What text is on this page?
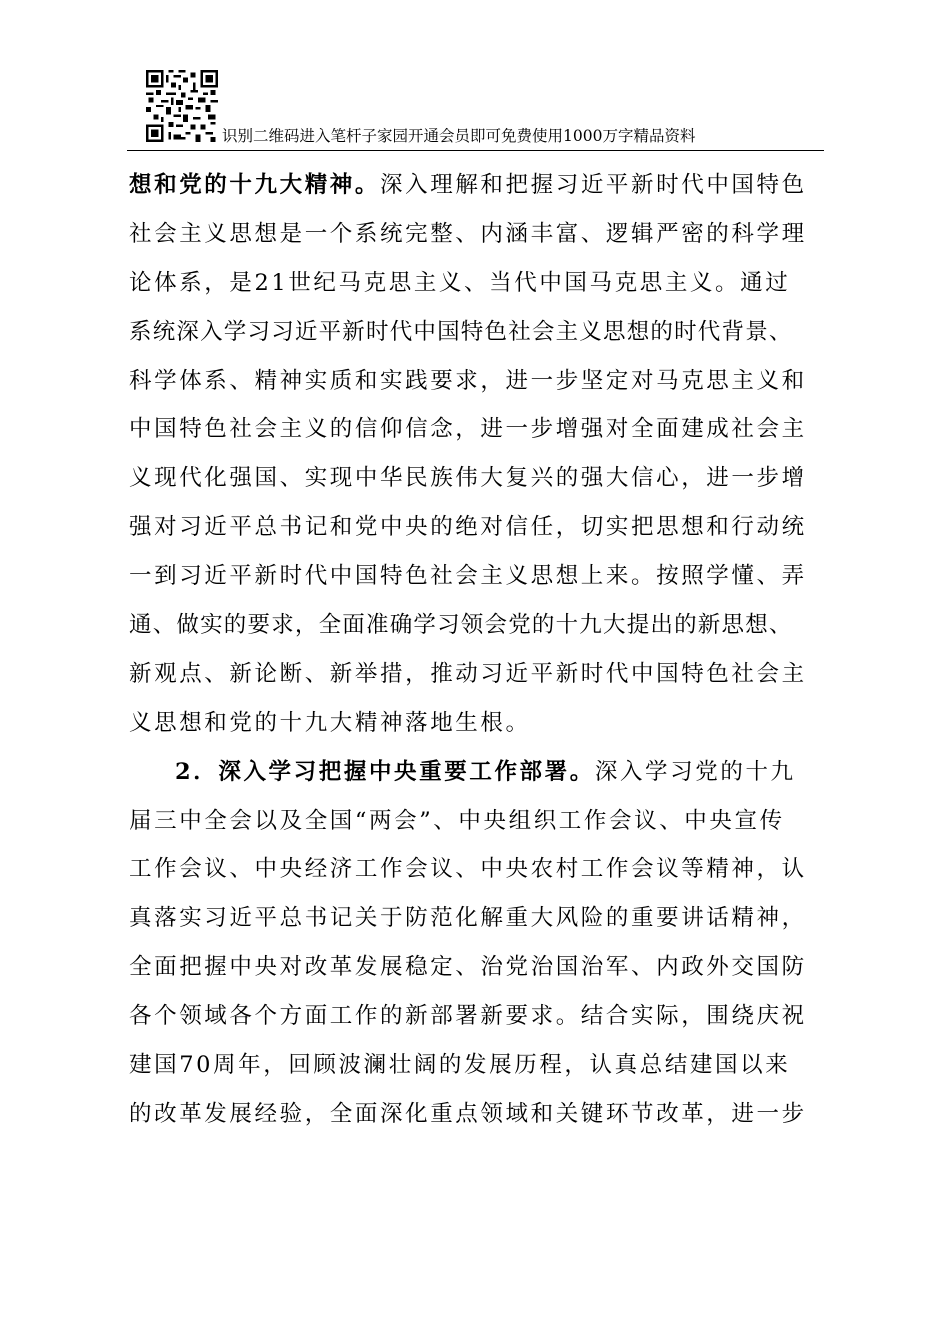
识别二维码进入笔杆子家园开通会员即可免费使用1000万字精品资料
想和党的十九大精神。深入理解和把握习近平新时代中国特色
社会主义思想是一个系统完整、内涵丰富、逻辑严密的科学理
论体系，是21世纪马克思主义、当代中国马克思主义。通过
系统深入学习习近平新时代中国特色社会主义思想的时代背景、
科学体系、精神实质和实践要求，进一步坚定对马克思主义和
中国特色社会主义的信仰信念，进一步增强对全面建成社会主
义现代化强国、实现中华民族伟大复兴的强大信心，进一步增
强对习近平总书记和党中央的绝对信任，切实把思想和行动统
一到习近平新时代中国特色社会主义思想上来。按照学懂、弄
通、做实的要求，全面准确学习领会党的十九大提出的新思想、
新观点、新论断、新举措，推动习近平新时代中国特色社会主
义思想和党的十九大精神落地生根。
2．深入学习把握中央重要工作部署。深入学习党的十九
届三中全会以及全国“两会”、中央组织工作会议、中央宣传
工作会议、中央经济工作会议、中央农村工作会议等精神，认
真落实习近平总书记关于防范化解重大风险的重要讲话精神，
全面把握中央对改革发展稳定、治党治国治军、内政外交国防
各个领域各个方面工作的新部署新要求。结合实际，围绕庆祝
建国70周年，回顾波澜壮阔的发展历程，认真总结建国以来
的改革发展经验，全面深化重点领域和关键环节改革，进一步
